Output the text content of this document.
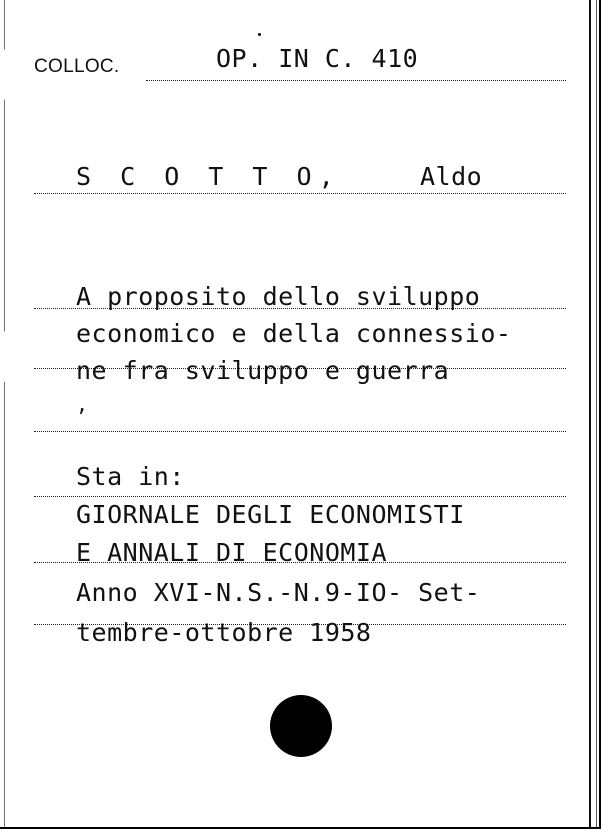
COLLOC.	OP. IN C. 410
S C O T T O,	Aldo
A proposito dello sviluppo
economico e della connessio-
ne fra sviluppo e guerra
,
Sta in:
GIORNALE DEGLI ECONOMISTI
E ANNALI DI ECONOMIA
Anno XVI-N.S.-N.9-IO- Set-
tembre-ottobre 1958
